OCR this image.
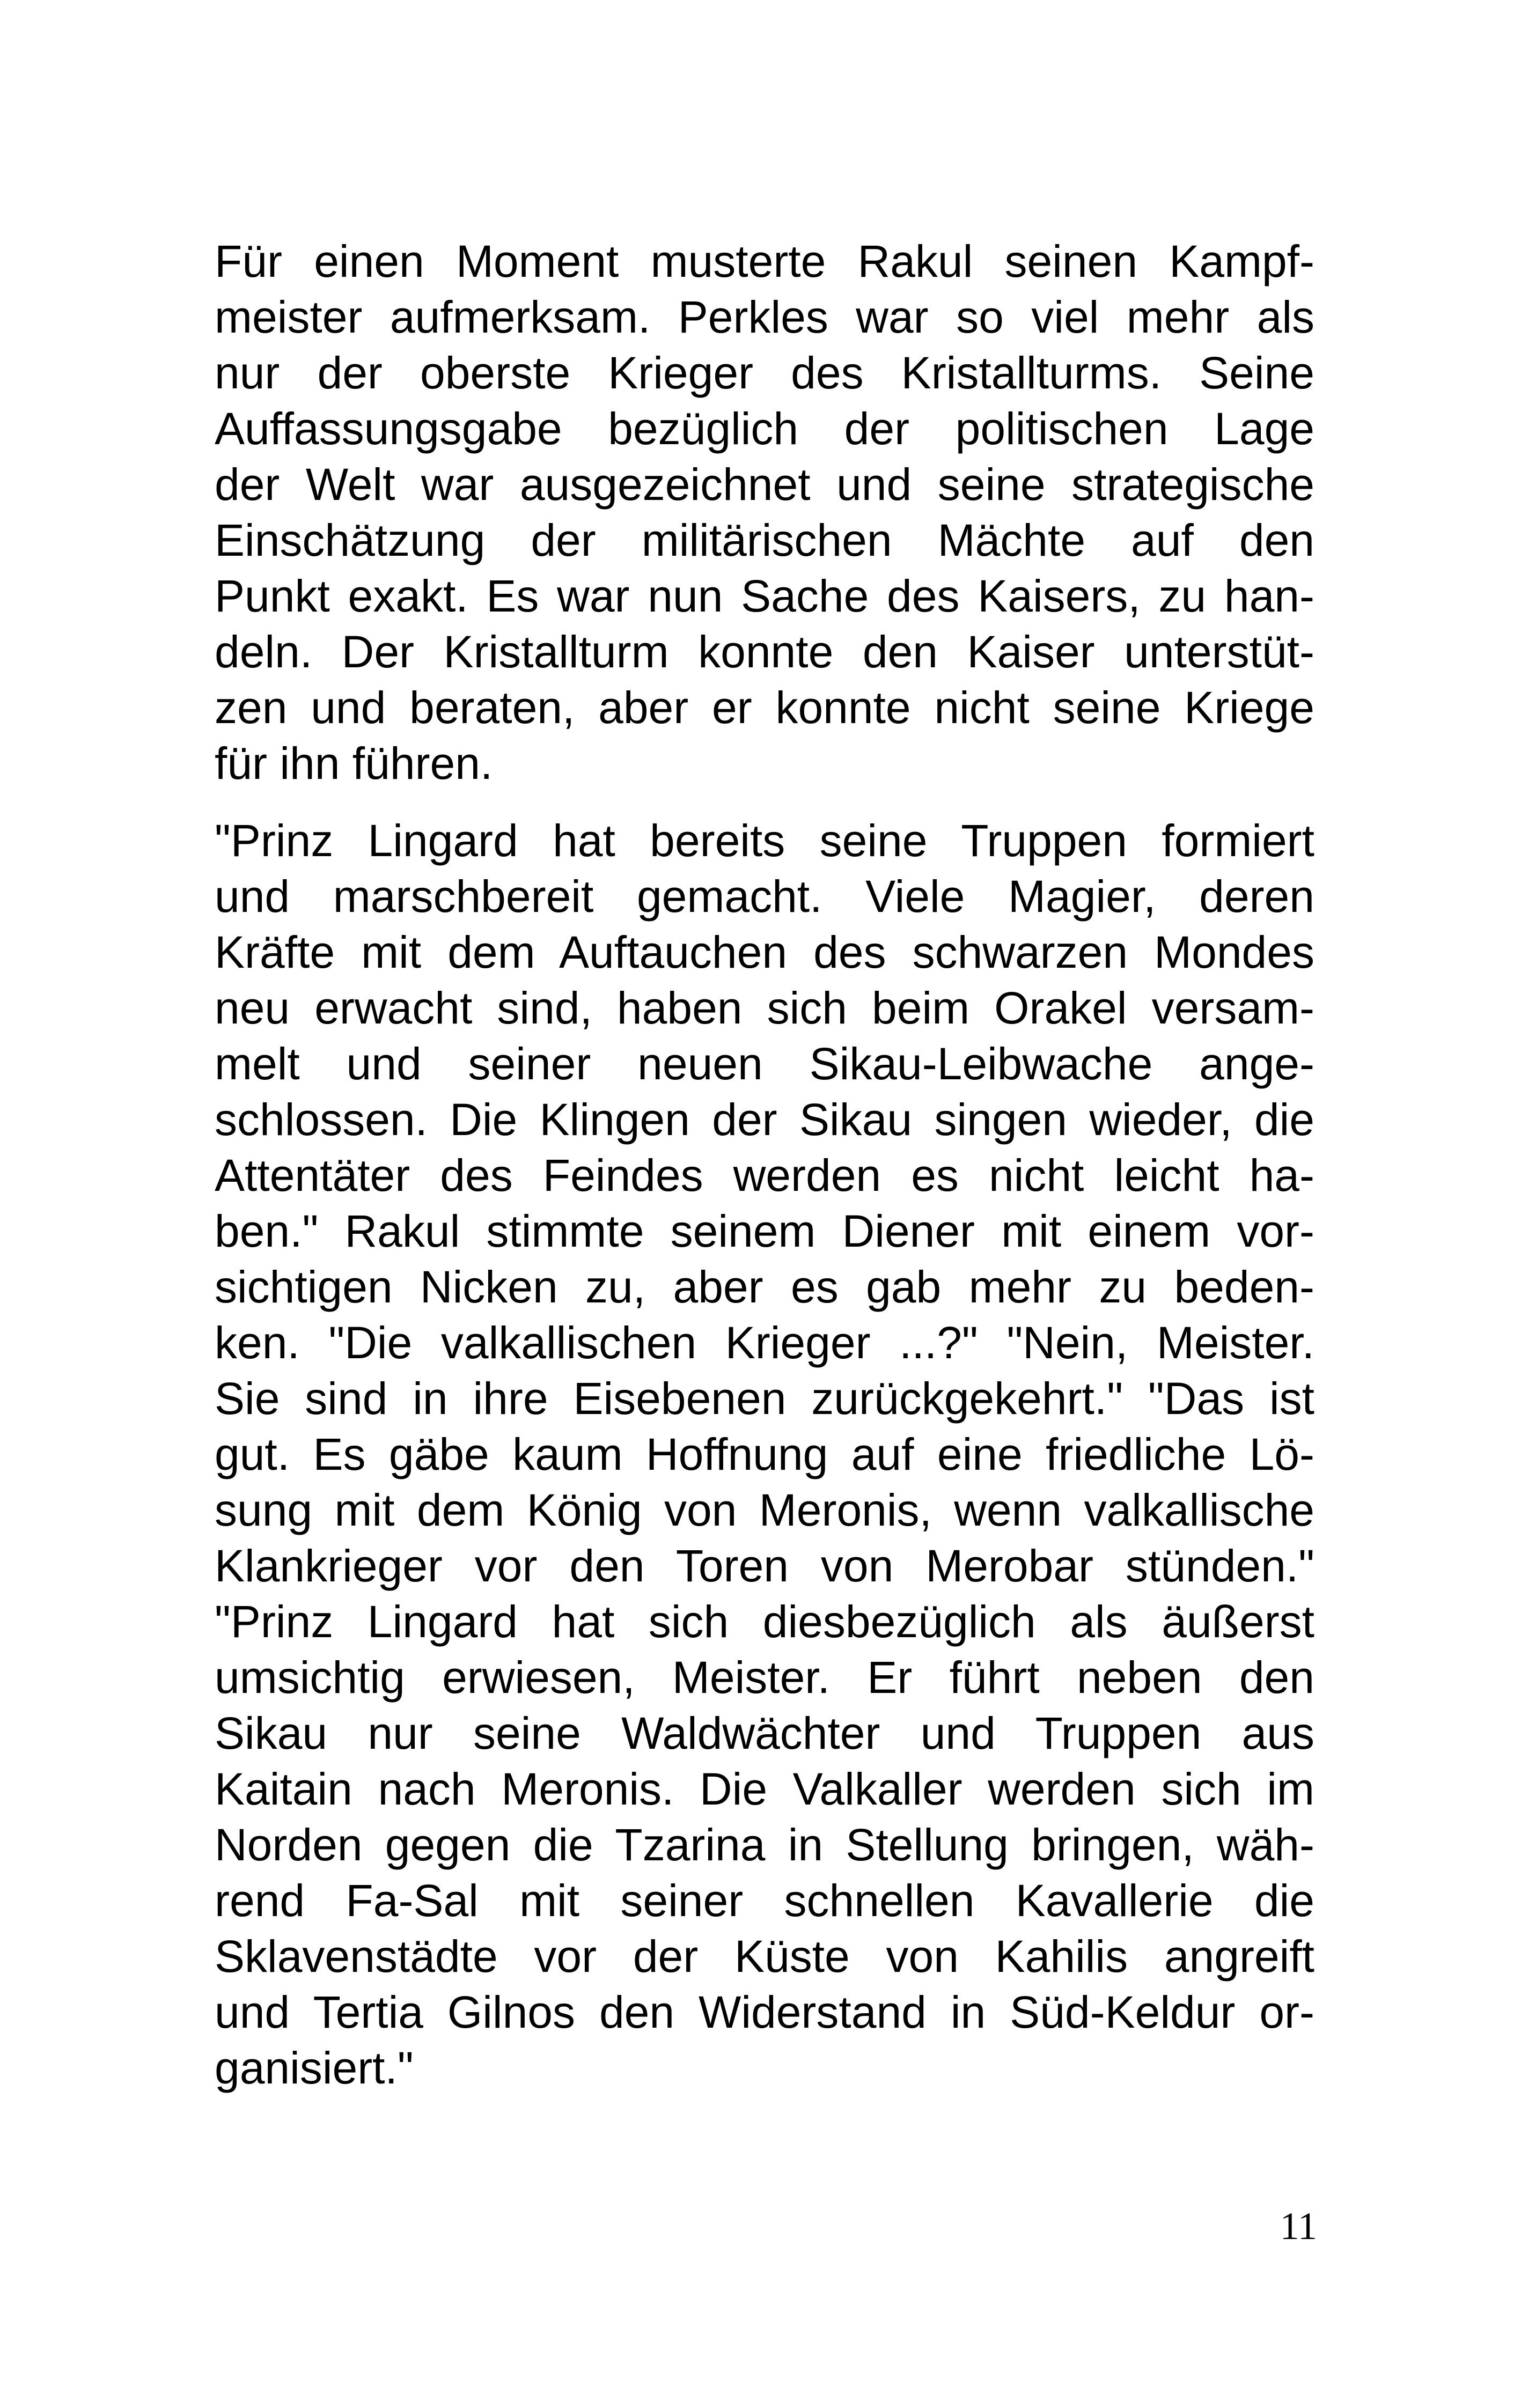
Für einen Moment musterte Rakul seinen Kampf-
meister aufmerksam. Perkles war so viel mehr als
nur der oberste Krieger des Kristallturms. Seine
Auffassungsgabe bezüglich der politischen Lage
der Welt war ausgezeichnet und seine strategische
Einschätzung der militärischen Mächte auf den
Punkt exakt. Es war nun Sache des Kaisers, zu han-
deln. Der Kristallturm konnte den Kaiser unterstüt-
zen und beraten, aber er konnte nicht seine Kriege
für ihn führen.
"Prinz Lingard hat bereits seine Truppen formiert
und marschbereit gemacht. Viele Magier, deren
Kräfte mit dem Auftauchen des schwarzen Mondes
neu erwacht sind, haben sich beim Orakel versam-
melt und seiner neuen Sikau-Leibwache ange-
schlossen. Die Klingen der Sikau singen wieder, die
Attentäter des Feindes werden es nicht leicht ha-
ben." Rakul stimmte seinem Diener mit einem vor-
sichtigen Nicken zu, aber es gab mehr zu beden-
ken. "Die valkallischen Krieger ...?" "Nein, Meister.
Sie sind in ihre Eisebenen zurückgekehrt." "Das ist
gut. Es gäbe kaum Hoffnung auf eine friedliche Lö-
sung mit dem König von Meronis, wenn valkallische
Klankrieger vor den Toren von Merobar stünden."
"Prinz Lingard hat sich diesbezüglich als äußerst
umsichtig erwiesen, Meister. Er führt neben den
Sikau nur seine Waldwächter und Truppen aus
Kaitain nach Meronis. Die Valkaller werden sich im
Norden gegen die Tzarina in Stellung bringen, wäh-
rend Fa-Sal mit seiner schnellen Kavallerie die
Sklavenstädte vor der Küste von Kahilis angreift
und Tertia Gilnos den Widerstand in Süd-Keldur or-
ganisiert."
11
